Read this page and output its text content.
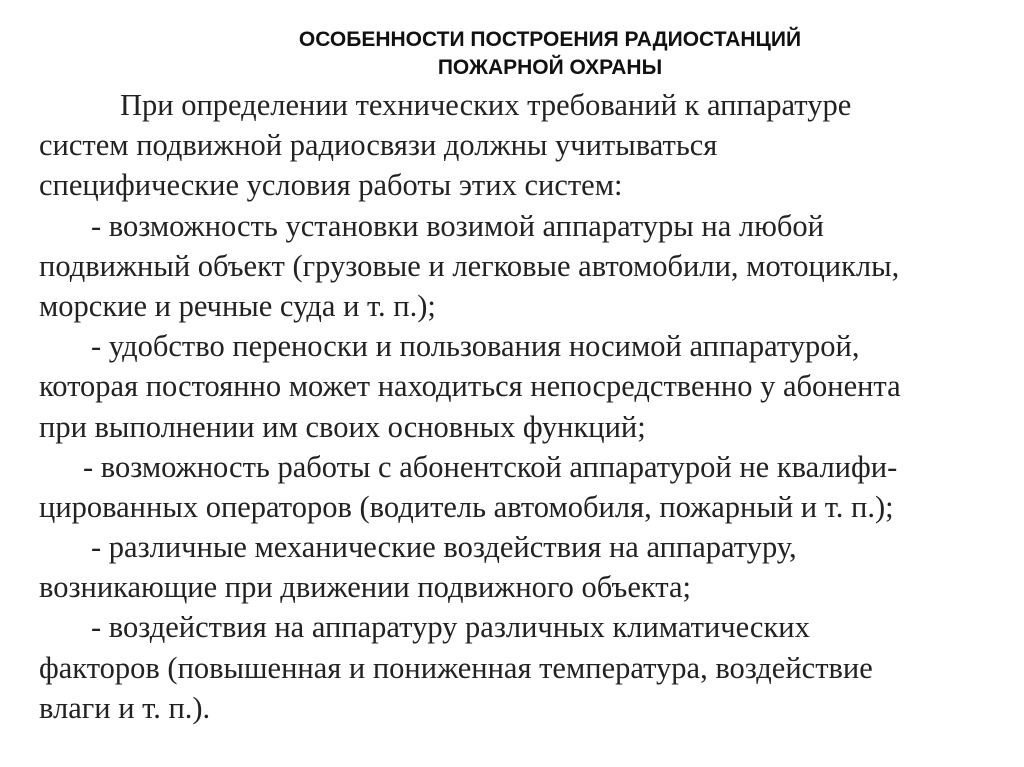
ОСОБЕННОСТИ ПОСТРОЕНИЯ РАДИОСТАНЦИЙ
ПОЖАРНОЙ ОХРАНЫ
При определении технических требований к аппаратуре
систем подвижной радиосвязи должны учитываться
специфические условия работы этих систем:
- возможность установки возимой аппаратуры на любой
подвижный объект (грузовые и легковые автомобили, мотоциклы,
морские и речные суда и т. п.);
- удобство переноски и пользования носимой аппаратурой,
которая постоянно может находиться непосредственно у абонента
при выполнении им своих основных функций;
- возможность работы с абонентской аппаратурой не квалифи-
цированных операторов (водитель автомобиля, пожарный и т. п.);
- различные механические воздействия на аппаратуру,
возникающие при движении подвижного объекта;
- воздействия на аппаратуру различных климатических
факторов (повышенная и пониженная температура, воздействие
влаги и т. п.).
